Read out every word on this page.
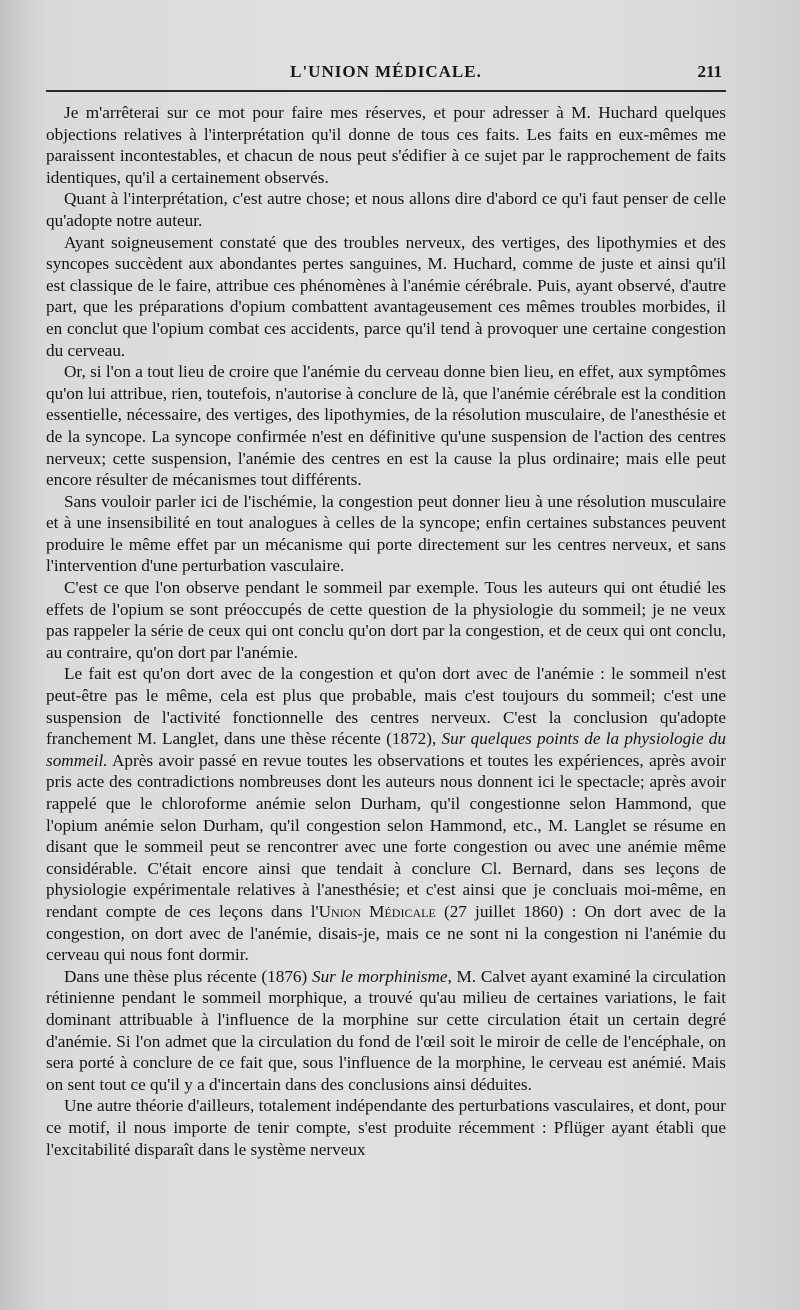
L'UNION MÉDICALE.	211

Je m'arrêterai sur ce mot pour faire mes réserves, et pour adresser à M. Huchard quelques objections relatives à l'interprétation qu'il donne de tous ces faits. Les faits en eux-mêmes me paraissent incontestables, et chacun de nous peut s'édifier à ce sujet par le rapprochement de faits identiques, qu'il a certainement observés.

Quant à l'interprétation, c'est autre chose; et nous allons dire d'abord ce qu'i faut penser de celle qu'adopte notre auteur.

Ayant soigneusement constaté que des troubles nerveux, des vertiges, des lipothymies et des syncopes succèdent aux abondantes pertes sanguines, M. Huchard, comme de juste et ainsi qu'il est classique de le faire, attribue ces phénomènes à l'anémie cérébrale. Puis, ayant observé, d'autre part, que les préparations d'opium combattent avantageusement ces mêmes troubles morbides, il en conclut que l'opium combat ces accidents, parce qu'il tend à provoquer une certaine congestion du cerveau.

Or, si l'on a tout lieu de croire que l'anémie du cerveau donne bien lieu, en effet, aux symptômes qu'on lui attribue, rien, toutefois, n'autorise à conclure de là, que l'anémie cérébrale est la condition essentielle, nécessaire, des vertiges, des lipothymies, de la résolution musculaire, de l'anesthésie et de la syncope. La syncope confirmée n'est en définitive qu'une suspension de l'action des centres nerveux; cette suspension, l'anémie des centres en est la cause la plus ordinaire; mais elle peut encore résulter de mécanismes tout différents.

Sans vouloir parler ici de l'ischémie, la congestion peut donner lieu à une résolution musculaire et à une insensibilité en tout analogues à celles de la syncope; enfin certaines substances peuvent produire le même effet par un mécanisme qui porte directement sur les centres nerveux, et sans l'intervention d'une perturbation vasculaire.

C'est ce que l'on observe pendant le sommeil par exemple. Tous les auteurs qui ont étudié les effets de l'opium se sont préoccupés de cette question de la physiologie du sommeil; je ne veux pas rappeler la série de ceux qui ont conclu qu'on dort par la congestion, et de ceux qui ont conclu, au contraire, qu'on dort par l'anémie.

Le fait est qu'on dort avec de la congestion et qu'on dort avec de l'anémie : le sommeil n'est peut-être pas le même, cela est plus que probable, mais c'est toujours du sommeil; c'est une suspension de l'activité fonctionnelle des centres nerveux. C'est la conclusion qu'adopte franchement M. Langlet, dans une thèse récente (1872), Sur quelques points de la physiologie du sommeil. Après avoir passé en revue toutes les observations et toutes les expériences, après avoir pris acte des contradictions nombreuses dont les auteurs nous donnent ici le spectacle; après avoir rappelé que le chloroforme anémie selon Durham, qu'il congestionne selon Hammond, que l'opium anémie selon Durham, qu'il congestion selon Hammond, etc., M. Langlet se résume en disant que le sommeil peut se rencontrer avec une forte congestion ou avec une anémie même considérable. C'était encore ainsi que tendait à conclure Cl. Bernard, dans ses leçons de physiologie expérimentale relatives à l'anesthésie; et c'est ainsi que je concluais moi-même, en rendant compte de ces leçons dans l'Union Médicale (27 juillet 1860) : On dort avec de la congestion, on dort avec de l'anémie, disais-je, mais ce ne sont ni la congestion ni l'anémie du cerveau qui nous font dormir.

Dans une thèse plus récente (1876) Sur le morphinisme, M. Calvet ayant examiné la circulation rétinienne pendant le sommeil morphique, a trouvé qu'au milieu de certaines variations, le fait dominant attribuable à l'influence de la morphine sur cette circulation était un certain degré d'anémie. Si l'on admet que la circulation du fond de l'œil soit le miroir de celle de l'encéphale, on sera porté à conclure de ce fait que, sous l'influence de la morphine, le cerveau est anémié. Mais on sent tout ce qu'il y a d'incertain dans des conclusions ainsi déduites.

Une autre théorie d'ailleurs, totalement indépendante des perturbations vasculaires, et dont, pour ce motif, il nous importe de tenir compte, s'est produite récemment : Pflüger ayant établi que l'excitabilité disparaît dans le système nerveux
